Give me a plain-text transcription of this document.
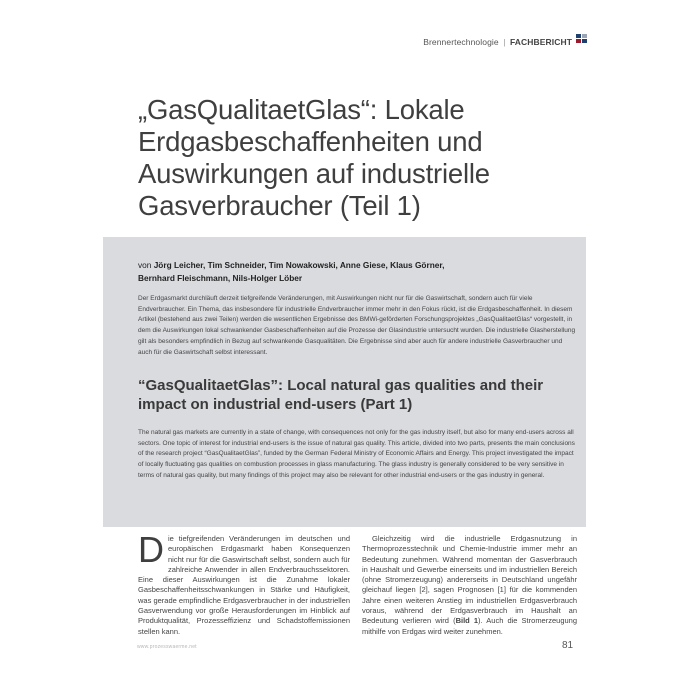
Brennertechnologie | FACHBERICHT
„GasQualitaetGlas“: Lokale
Erdgasbeschaffenheiten und
Auswirkungen auf industrielle
Gasverbraucher (Teil 1)
von Jörg Leicher, Tim Schneider, Tim Nowakowski, Anne Giese, Klaus Görner,
Bernhard Fleischmann, Nils-Holger Löber

Der Erdgasmarkt durchläuft derzeit tiefgreifende Veränderungen, mit Auswirkungen nicht nur für die Gaswirtschaft, sondern auch für viele Endverbraucher. Ein Thema, das insbesondere für industrielle Endverbraucher immer mehr in den Fokus rückt, ist die Erdgasbeschaffenheit. In diesem Artikel (bestehend aus zwei Teilen) werden die wesentlichen Ergebnisse des BMWi-geförderten Forschungsprojektes „GasQualitaetGlas“ vorgestellt, in dem die Auswirkungen lokal schwankender Gasbeschaffenheiten auf die Prozesse der Glasindustrie untersucht wurden. Die industrielle Glasherstellung gilt als besonders empfindlich in Bezug auf schwankende Gasqualitäten. Die Ergebnisse sind aber auch für andere industrielle Gasverbraucher und auch für die Gaswirtschaft selbst interessant.

“GasQualitaetGlas”: Local natural gas qualities and their
impact on industrial end-users (Part 1)

The natural gas markets are currently in a state of change, with consequences not only for the gas industry itself, but also for many end-users across all sectors. One topic of interest for industrial end-users is the issue of natural gas quality. This article, divided into two parts, presents the main conclusions of the research project “GasQualitaetGlas”, funded by the German Federal Ministry of Economic Affairs and Energy. This project investigated the impact of locally fluctuating gas qualities on combustion processes in glass manufacturing. The glass industry is generally considered to be very sensitive in terms of natural gas quality, but many findings of this project may also be relevant for other industrial end-users or the gas industry in general.

Die tiefgreifenden Veränderungen im deutschen und europäischen Erdgasmarkt haben Konsequenzen nicht nur für die Gaswirtschaft selbst, sondern auch für zahlreiche Anwender in allen Endverbrauchssektoren. Eine dieser Auswirkungen ist die Zunahme lokaler Gasbeschaffenheitsschwankungen in Stärke und Häufigkeit, was gerade empfindliche Erdgasverbraucher in der industriellen Gasverwendung vor große Herausforderungen im Hinblick auf Produktqualität, Prozesseffizienz und Schadstoffemissionen stellen kann.
Gleichzeitig wird die industrielle Erdgasnutzung in Thermoprozesstechnik und Chemie-Industrie immer mehr an Bedeutung zunehmen. Während momentan der Gasverbrauch in Haushalt und Gewerbe einerseits und im industriellen Bereich (ohne Stromerzeugung) andererseits in Deutschland ungefähr gleichauf liegen [2], sagen Prognosen [1] für die kommenden Jahre einen weiteren Anstieg im industriellen Erdgasverbrauch voraus, während der Erdgasverbrauch im Haushalt an Bedeutung verlieren wird (Bild 1). Auch die Stromerzeugung mithilfe von Erdgas wird weiter zunehmen.
www.prozesswaerme.net	81
